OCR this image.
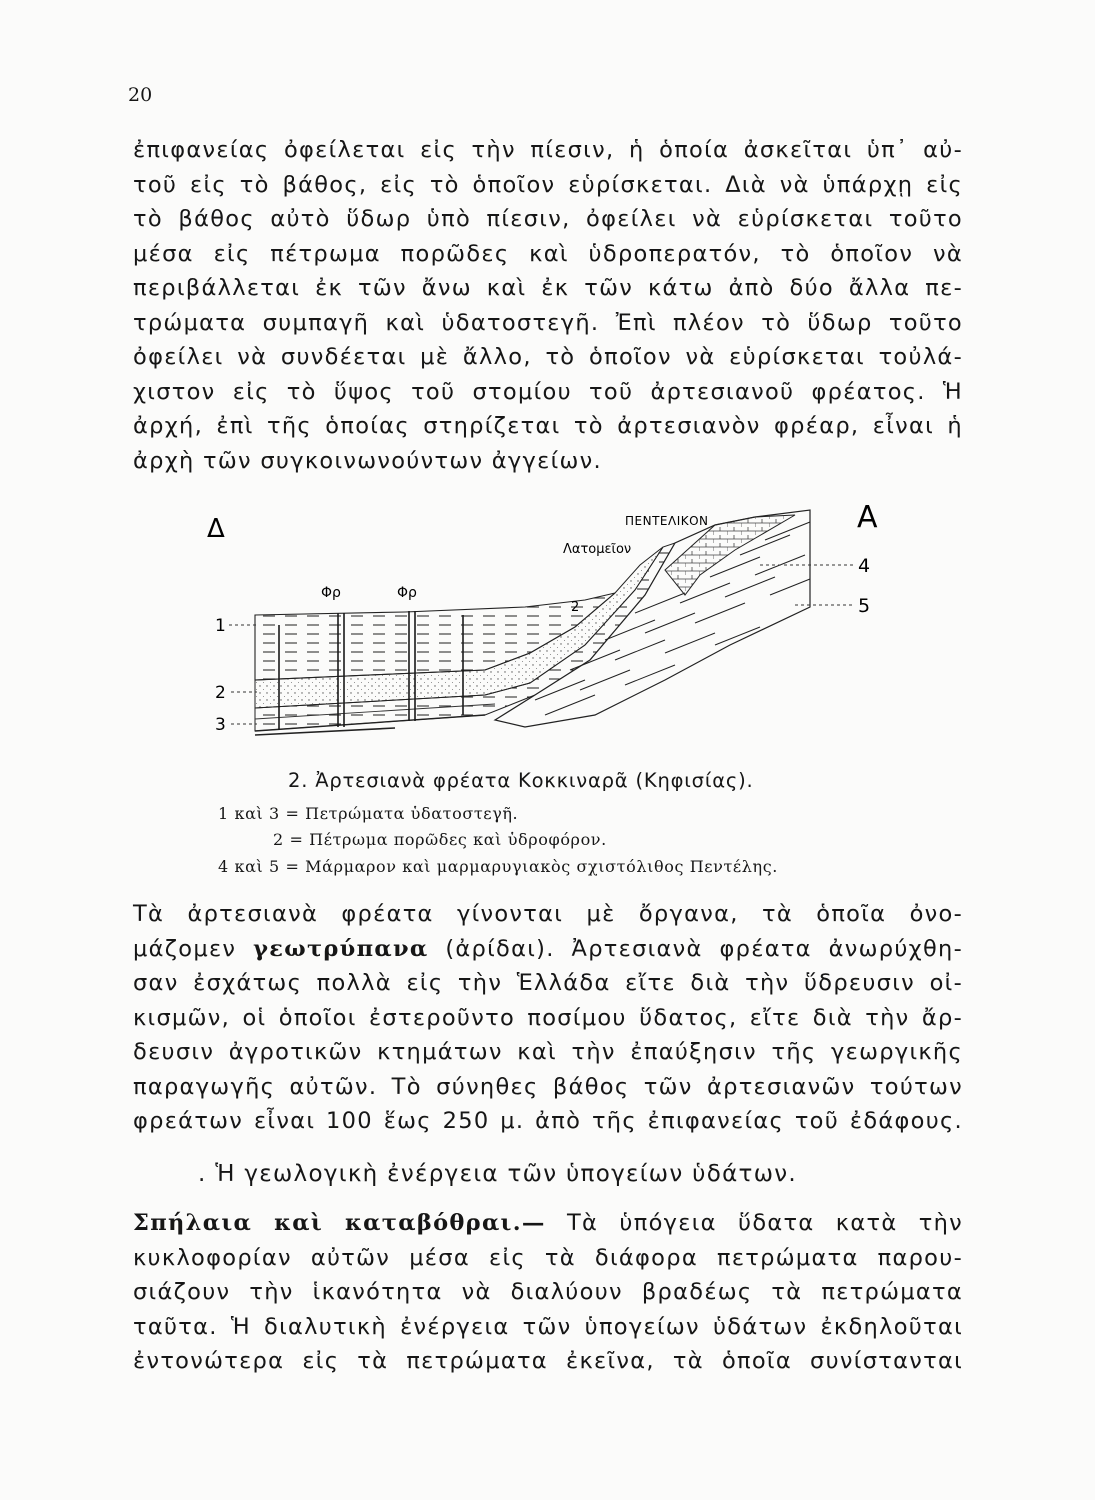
20
ἐπιφανείας ὀφείλεται εἰς τὴν πίεσιν, ἡ ὁποία ἀσκεῖται ὑπ᾽ αὐ-
τοῦ εἰς τὸ βάθος, εἰς τὸ ὁποῖον εὑρίσκεται. Διὰ νὰ ὑπάρχῃ εἰς
τὸ βάθος αὐτὸ ὕδωρ ὑπὸ πίεσιν, ὀφείλει νὰ εὑρίσκεται τοῦτο
μέσα εἰς πέτρωμα πορῶδες καὶ ὑδροπερατόν, τὸ ὁποῖον νὰ
περιβάλλεται ἐκ τῶν ἄνω καὶ ἐκ τῶν κάτω ἀπὸ δύο ἄλλα πε-
τρώματα συμπαγῆ καὶ ὑδατοστεγῆ. Ἐπὶ πλέον τὸ ὕδωρ τοῦτο
ὀφείλει νὰ συνδέεται μὲ ἄλλο, τὸ ὁποῖον νὰ εὑρίσκεται τοὐλά-
χιστον εἰς τὸ ὕψος τοῦ στομίου τοῦ ἀρτεσιανοῦ φρέατος. Ἡ
ἀρχή, ἐπὶ τῆς ὁποίας στηρίζεται τὸ ἀρτεσιανὸν φρέαρ, εἶναι ἡ
ἀρχὴ τῶν συγκοινωνούντων ἀγγείων.
Δ	Α
ΠΕΝΤΕΛΙΚΟΝ
Λατομεῖον
Φρ	Φρ
2
1
2
3
4
5
2. Ἀρτεσιανὰ φρέατα Κοκκιναρᾶ (Κηφισίας).
1 καὶ 3 = Πετρώματα ὑδατοστεγῆ.
2 = Πέτρωμα πορῶδες καὶ ὑδροφόρον.
4 καὶ 5 = Μάρμαρον καὶ μαρμαρυγιακὸς σχιστόλιθος Πεντέλης.
Τὰ ἀρτεσιανὰ φρέατα γίνονται μὲ ὄργανα, τὰ ὁποῖα ὀνο-
μάζομεν γεωτρύπανα (ἀρίδαι). Ἀρτεσιανὰ φρέατα ἀνωρύχθη-
σαν ἐσχάτως πολλὰ εἰς τὴν Ἑλλάδα εἴτε διὰ τὴν ὕδρευσιν οἰ-
κισμῶν, οἱ ὁποῖοι ἐστεροῦντο ποσίμου ὕδατος, εἴτε διὰ τὴν ἄρ-
δευσιν ἀγροτικῶν κτημάτων καὶ τὴν ἐπαύξησιν τῆς γεωργικῆς
παραγωγῆς αὐτῶν. Τὸ σύνηθες βάθος τῶν ἀρτεσιανῶν τούτων
φρεάτων εἶναι 100 ἕως 250 μ. ἀπὸ τῆς ἐπιφανείας τοῦ ἐδάφους.
. Ἡ γεωλογικὴ ἐνέργεια τῶν ὑπογείων ὑδάτων.
Σπήλαια καὶ καταβόθραι.— Τὰ ὑπόγεια ὕδατα κατὰ τὴν
κυκλοφορίαν αὐτῶν μέσα εἰς τὰ διάφορα πετρώματα παρου-
σιάζουν τὴν ἱκανότητα νὰ διαλύουν βραδέως τὰ πετρώματα
ταῦτα. Ἡ διαλυτικὴ ἐνέργεια τῶν ὑπογείων ὑδάτων ἐκδηλοῦται
ἐντονώτερα εἰς τὰ πετρώματα ἐκεῖνα, τὰ ὁποῖα συνίστανται
